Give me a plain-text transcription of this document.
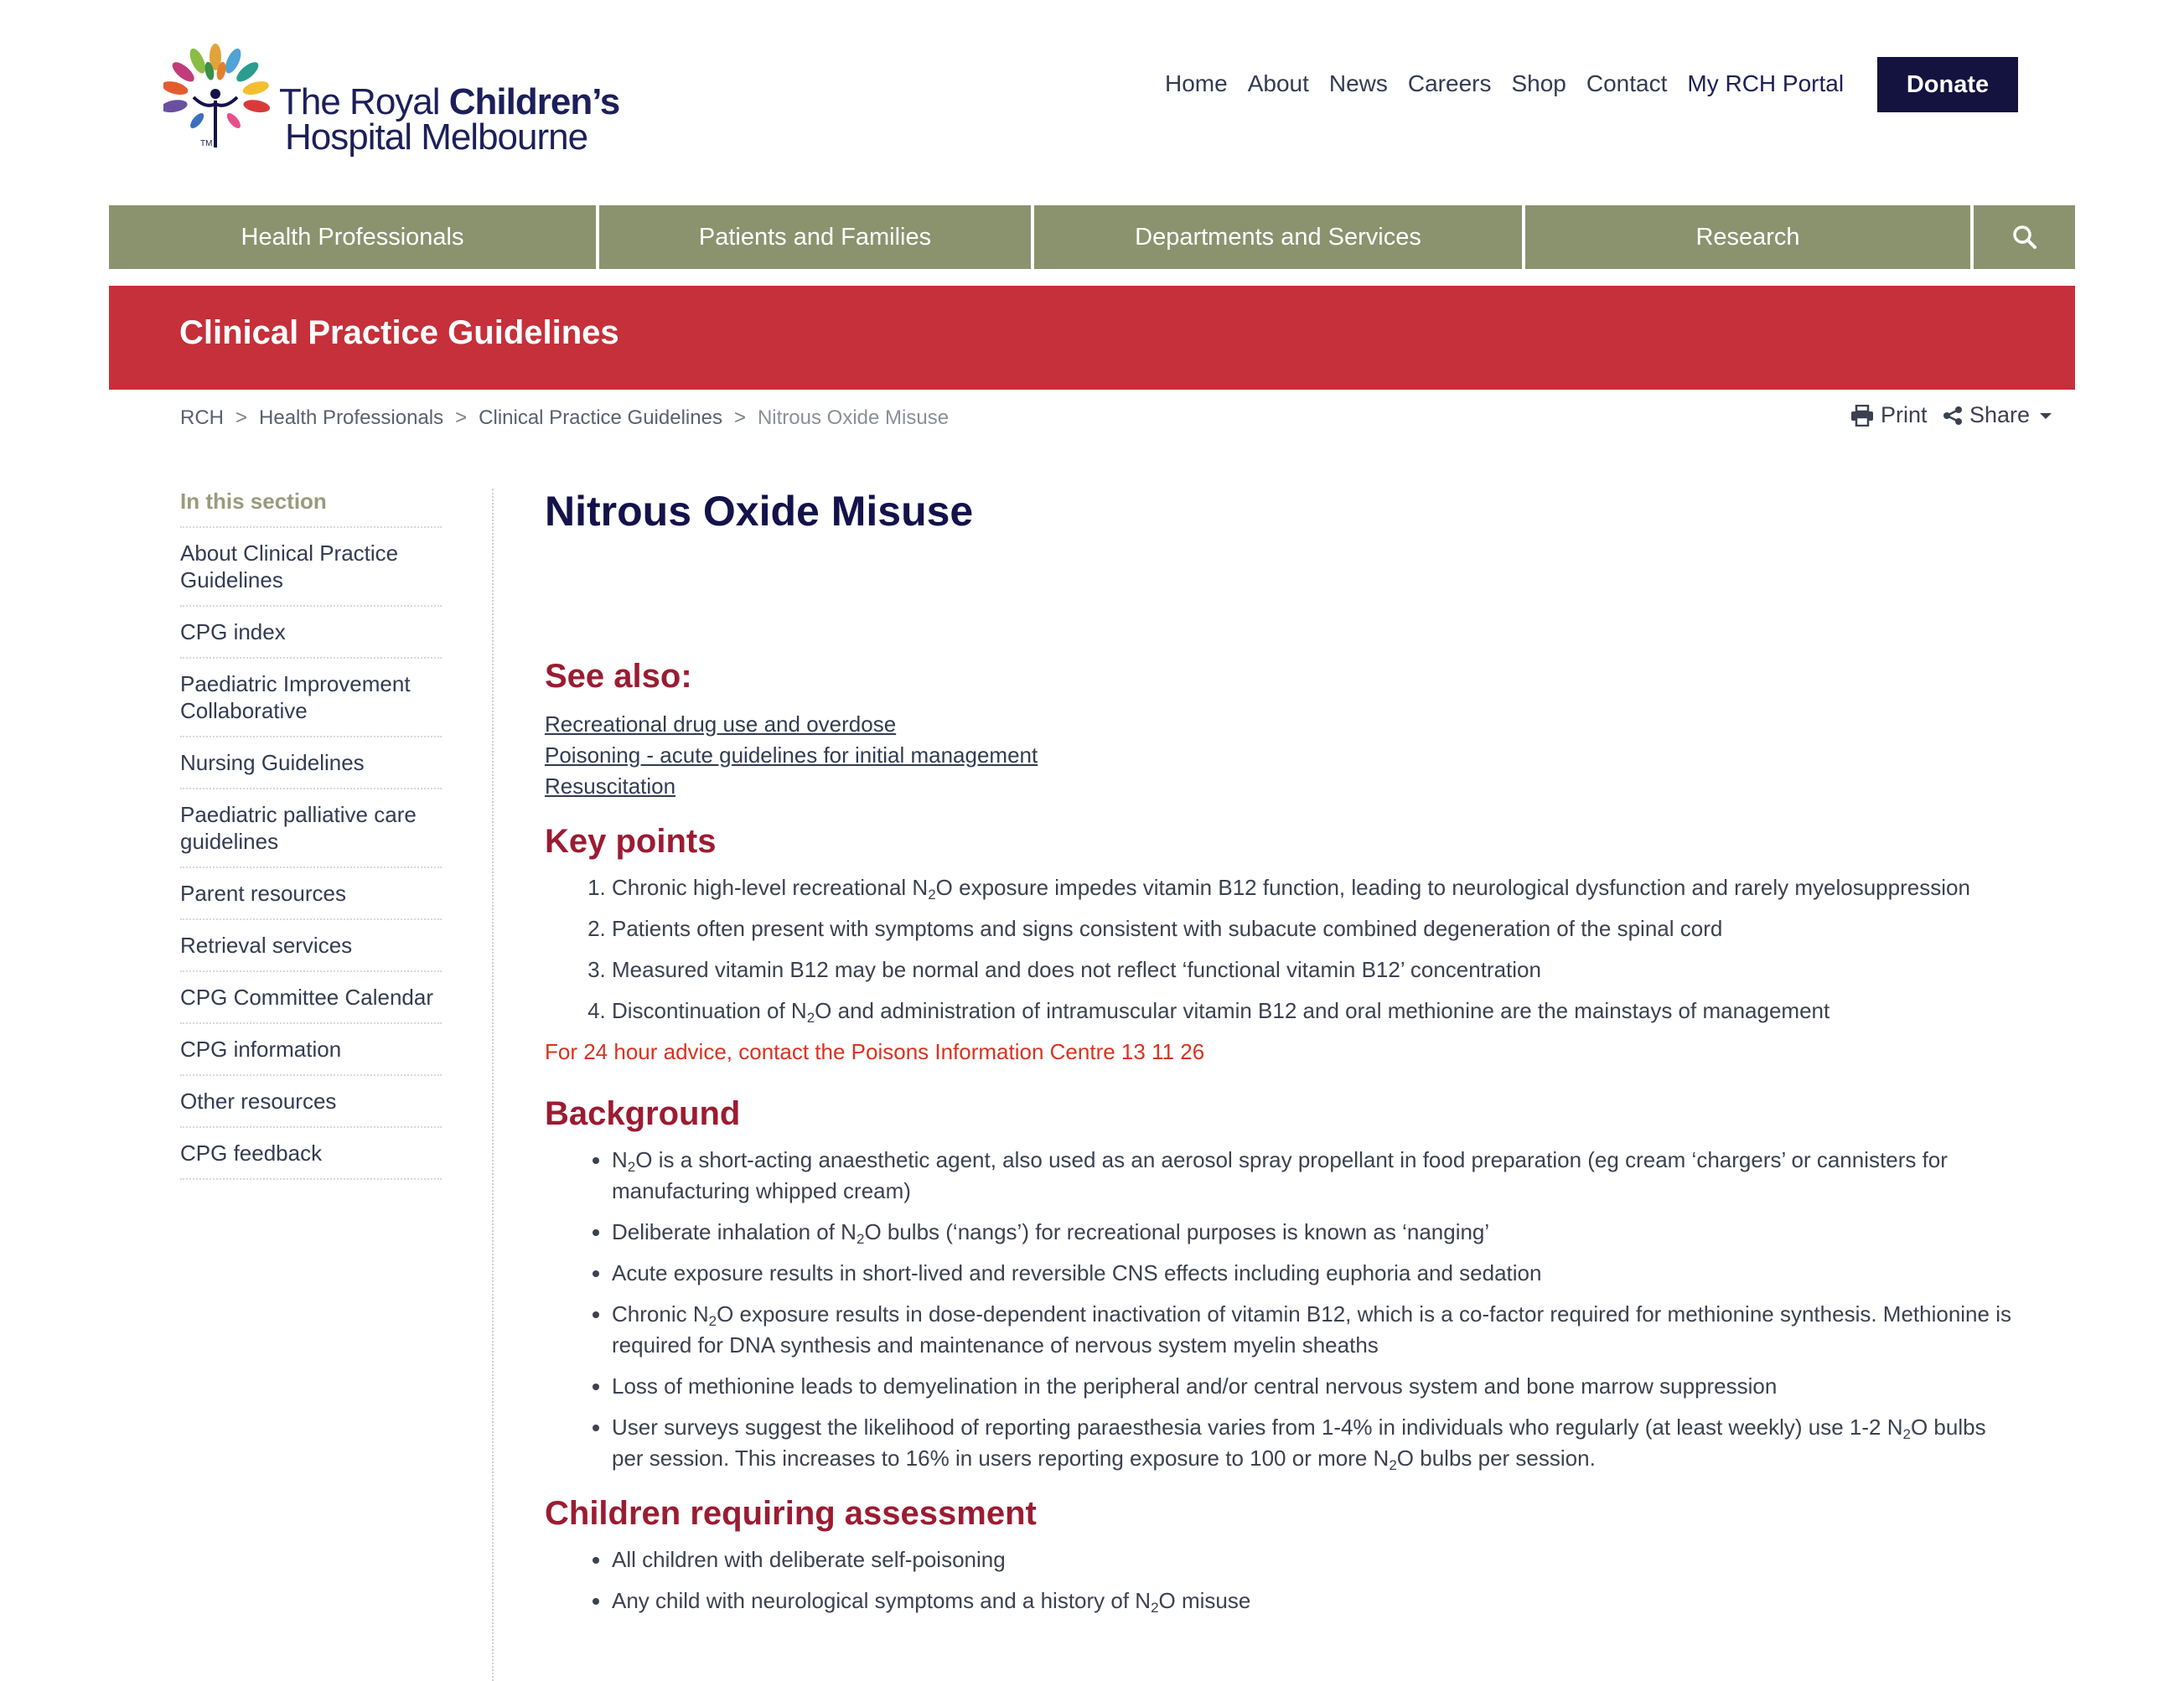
TM
The Royal Children’s
Hospital Melbourne
Home About News Careers Shop Contact My RCH Portal	Donate
Health Professionals	Patients and Families	Departments and Services	Research
Clinical Practice Guidelines
RCH > Health Professionals > Clinical Practice Guidelines > Nitrous Oxide Misuse	Print Share
In this section
About Clinical Practice Guidelines
CPG index
Paediatric Improvement Collaborative
Nursing Guidelines
Paediatric palliative care guidelines
Parent resources
Retrieval services
CPG Committee Calendar
CPG information
Other resources
CPG feedback
Nitrous Oxide Misuse
See also:
Recreational drug use and overdose
Poisoning - acute guidelines for initial management
Resuscitation
Key points
1. Chronic high-level recreational $N_2O$ exposure impedes vitamin B12 function, leading to neurological dysfunction and rarely myelosuppression
2. Patients often present with symptoms and signs consistent with subacute combined degeneration of the spinal cord
3. Measured vitamin B12 may be normal and does not reflect ‘functional vitamin B12’ concentration
4. Discontinuation of $N_2O$ and administration of intramuscular vitamin B12 and oral methionine are the mainstays of management
For 24 hour advice, contact the Poisons Information Centre 13 11 26
Background
• $N_2O$ is a short-acting anaesthetic agent, also used as an aerosol spray propellant in food preparation (eg cream ‘chargers’ or cannisters for manufacturing whipped cream)
• Deliberate inhalation of $N_2O$ bulbs (‘nangs’) for recreational purposes is known as ‘nanging’
• Acute exposure results in short-lived and reversible CNS effects including euphoria and sedation
• Chronic $N_2O$ exposure results in dose-dependent inactivation of vitamin B12, which is a co-factor required for methionine synthesis. Methionine is required for DNA synthesis and maintenance of nervous system myelin sheaths
• Loss of methionine leads to demyelination in the peripheral and/or central nervous system and bone marrow suppression
• User surveys suggest the likelihood of reporting paraesthesia varies from 1-4% in individuals who regularly (at least weekly) use 1-2 $N_2O$ bulbs per session. This increases to 16% in users reporting exposure to 100 or more $N_2O$ bulbs per session.
Children requiring assessment
• All children with deliberate self-poisoning
• Any child with neurological symptoms and a history of $N_2O$ misuse
